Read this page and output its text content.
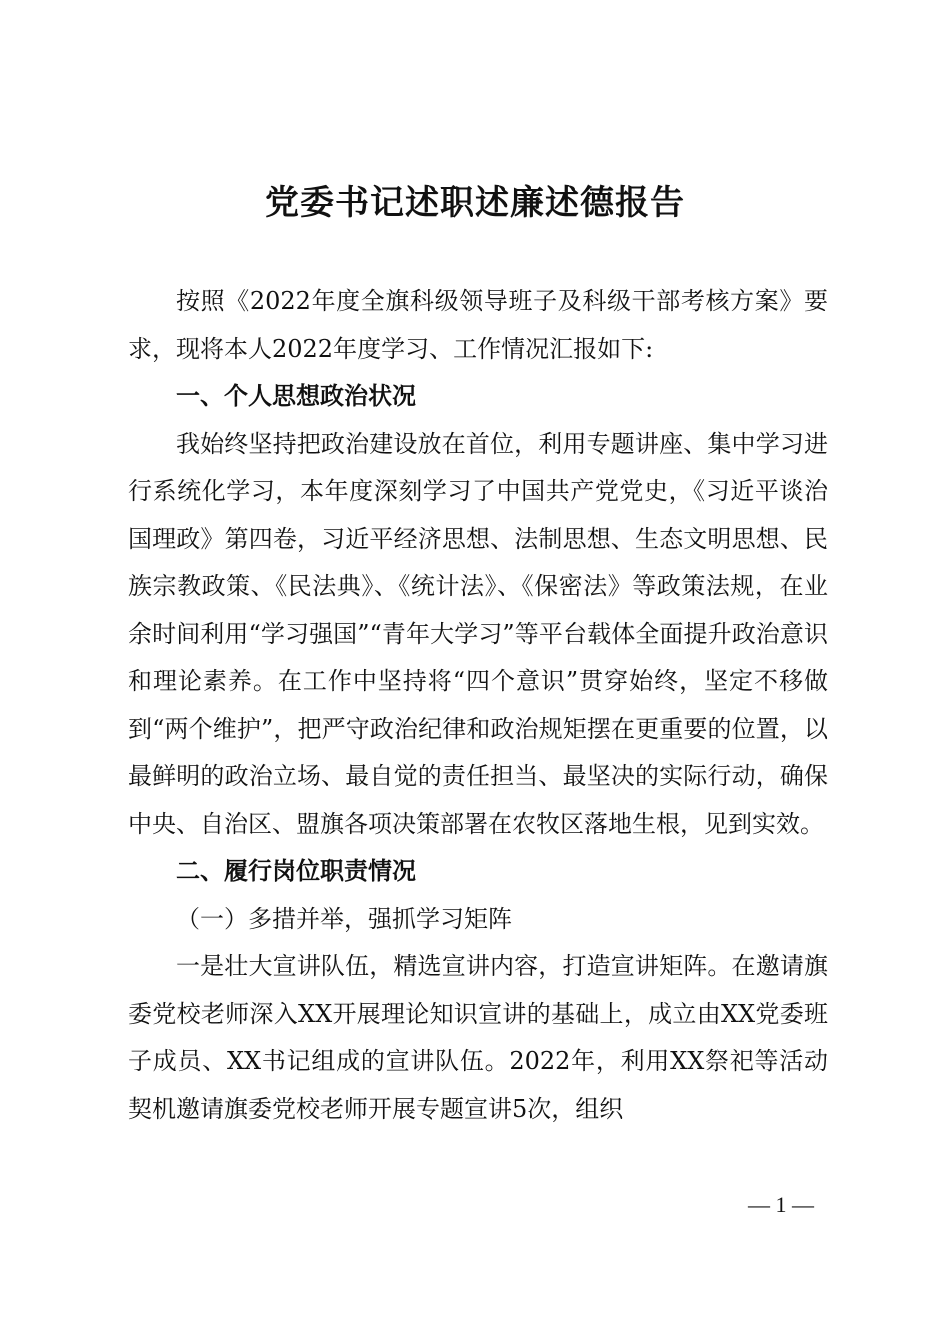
党委书记述职述廉述德报告

按照《2022年度全旗科级领导班子及科级干部考核方案》要求，现将本人2022年度学习、工作情况汇报如下:

一、个人思想政治状况

我始终坚持把政治建设放在首位，利用专题讲座、集中学习进行系统化学习，本年度深刻学习了中国共产党党史，《习近平谈治国理政》第四卷，习近平经济思想、法制思想、生态文明思想、民族宗教政策、《民法典》、《统计法》、《保密法》等政策法规，在业余时间利用“学习强国”“青年大学习”等平台载体全面提升政治意识和理论素养。在工作中坚持将“四个意识”贯穿始终，坚定不移做到“两个维护”，把严守政治纪律和政治规矩摆在更重要的位置，以最鲜明的政治立场、最自觉的责任担当、最坚决的实际行动，确保中央、自治区、盟旗各项决策部署在农牧区落地生根，见到实效。

二、履行岗位职责情况

（一）多措并举，强抓学习矩阵

一是壮大宣讲队伍，精选宣讲内容，打造宣讲矩阵。在邀请旗委党校老师深入XX开展理论知识宣讲的基础上，成立由XX党委班子成员、XX书记组成的宣讲队伍。2022年，利用XX祭祀等活动契机邀请旗委党校老师开展专题宣讲5次，组织

— 1 —
